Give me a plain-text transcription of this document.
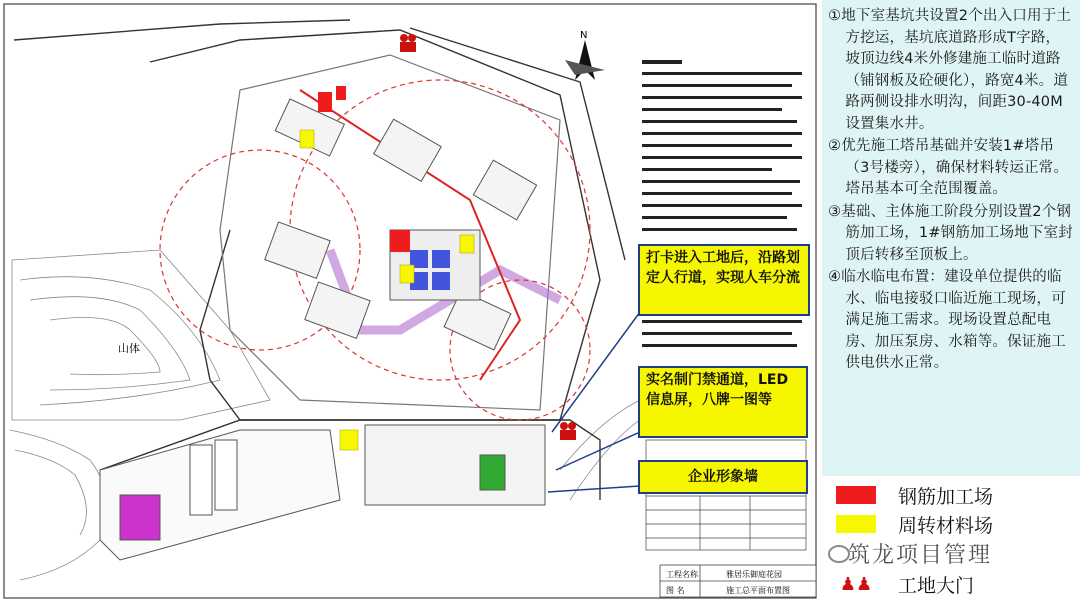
N
山体
工程名称	雅居乐御庭花园
图 名	施工总平面布置图

①地下室基坑共设置2个出入口用于土方挖运，基坑底道路形成T字路，坡顶边线4米外修建施工临时道路（铺钢板及砼硬化），路宽4米。道路两侧设排水明沟，间距30-40M设置集水井。

②优先施工塔吊基础并安装1#塔吊（3号楼旁），确保材料转运正常。塔吊基本可全范围覆盖。

③基础、主体施工阶段分别设置2个钢筋加工场，1#钢筋加工场地下室封顶后转移至顶板上。

④临水临电布置：建设单位提供的临水、临电接驳口临近施工现场，可满足施工需求。现场设置总配电房、加压泵房、水箱等。保证施工供电供水正常。

打卡进入工地后，沿路划定人行道，实现人车分流
实名制门禁通道，LED信息屏，八牌一图等
企业形象墙
钢筋加工场
周转材料场
♟♟ 工地大门
筑龙项目管理
